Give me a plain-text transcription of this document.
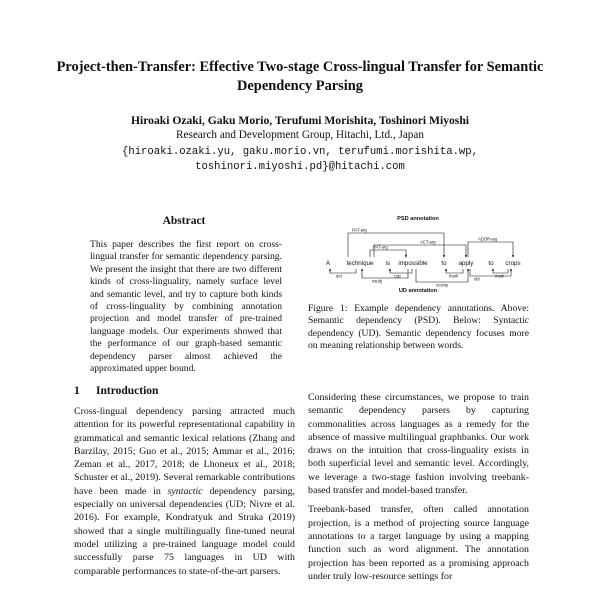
Project-then-Transfer: Effective Two-stage Cross-lingual Transfer for Semantic Dependency Parsing
Hiroaki Ozaki, Gaku Morio, Terufumi Morishita, Toshinori Miyoshi
Research and Development Group, Hitachi, Ltd., Japan
{hiroaki.ozaki.yu, gaku.morio.vn, terufumi.morishita.wp,
toshinori.miyoshi.pd}@hitachi.com
Abstract
This paper describes the first report on cross-lingual transfer for semantic dependency parsing. We present the insight that there are two different kinds of cross-linguality, namely surface level and semantic level, and try to capture both kinds of cross-linguality by combining annotation projection and model transfer of pre-trained language models. Our experiments showed that the performance of our graph-based semantic dependency parser almost achieved the approximated upper bound.
PSD annotation
PAT-arg
PAT-arg
ACT-arg
ADDR-arg
A	technique is impossible to apply to crops
det
nsubj
cop	mark
xcomp
obl
mark
UD annotation
Figure 1: Example dependency annotations. Above: Semantic dependency (PSD). Below: Syntactic dependency (UD). Semantic dependency focuses more on meaning relationship between words.
1 Introduction

Cross-lingual dependency parsing attracted much attention for its powerful representational capability in grammatical and semantic lexical relations (Zhang and Barzilay, 2015; Guo et al., 2015; Ammar et al., 2016; Zeman et al., 2017, 2018; de Lhoneux et al., 2018; Schuster et al., 2019). Several remarkable contributions have been made in syntactic dependency parsing, especially on universal dependencies (UD; Nivre et al. 2016). For example, Kondratyuk and Straka (2019) showed that a single multilingually fine-tuned neural model utilizing a pre-trained language model could successfully parse 75 languages in UD with comparable performances to state-of-the-art parsers.

Considering these circumstances, we propose to train semantic dependency parsers by capturing commonalities across languages as a remedy for the absence of massive multilingual graphbanks. Our work draws on the intuition that cross-linguality exists in both superficial level and semantic level. Accordingly, we leverage a two-stage fashion involving treebank-based transfer and model-based transfer.

Treebank-based transfer, often called annotation projection, is a method of projecting source language annotations to a target language by using a mapping function such as word alignment. The annotation projection has been reported as a promising approach under truly low-resource settings for
